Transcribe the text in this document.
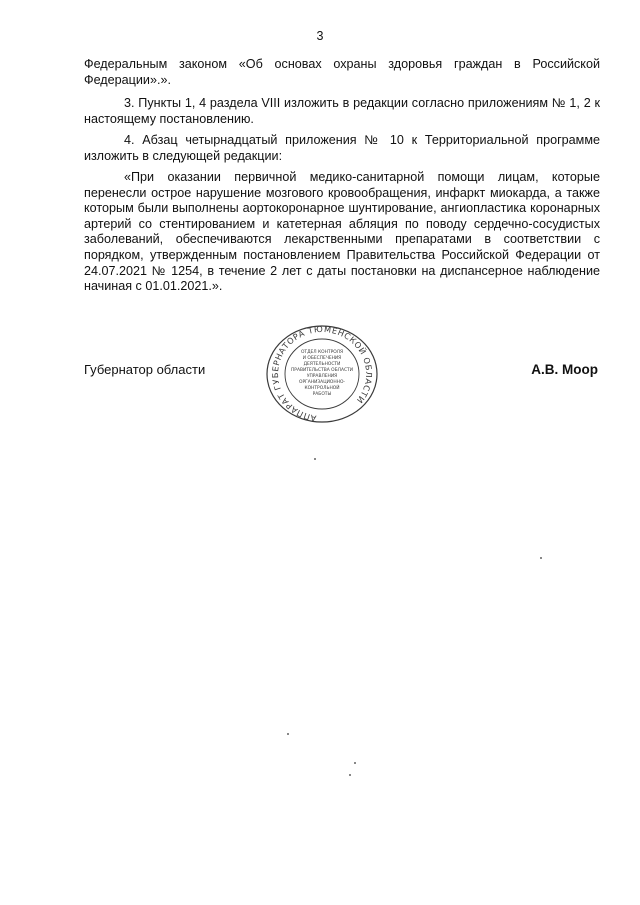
3
Федеральным законом «Об основах охраны здоровья граждан в Российской Федерации».».
3. Пункты 1, 4 раздела VIII изложить в редакции согласно приложениям № 1, 2 к настоящему постановлению.
4. Абзац четырнадцатый приложения № 10 к Территориальной программе изложить в следующей редакции:
«При оказании первичной медико-санитарной помощи лицам, которые перенесли острое нарушение мозгового кровообращения, инфаркт миокарда, а также которым были выполнены аортокоронарное шунтирование, ангиопластика коронарных артерий со стентированием и катетерная абляция по поводу сердечно-сосудистых заболеваний, обеспечиваются лекарственными препаратами в соответствии с порядком, утвержденным постановлением Правительства Российской Федерации от 24.07.2021 № 1254, в течение 2 лет с даты постановки на диспансерное наблюдение начиная с 01.01.2021.».
Губернатор области
АППАРАТ ГУБЕРНАТОРА ТЮМЕНСКОЙ ОБЛАСТИ
ОТДЕЛ КОНТРОЛЯ
И ОБЕСПЕЧЕНИЯ
ДЕЯТЕЛЬНОСТИ
ПРАВИТЕЛЬСТВА ОБЛАСТИ
УПРАВЛЕНИЯ
ОРГАНИЗАЦИОННО-
КОНТРОЛЬНОЙ
РАБОТЫ
А.В. Моор
